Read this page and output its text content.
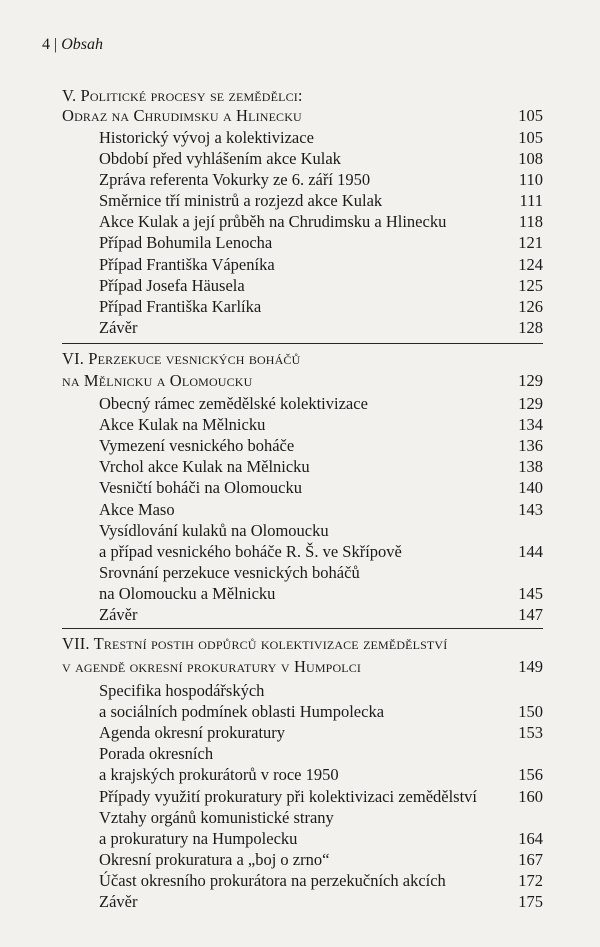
4 | Obsah
V. Politické procesy se zemědělci:
Odraz na Chrudimsku a Hlinecku	105
Historický vývoj a kolektivizace	105
Období před vyhlášením akce Kulak	108
Zpráva referenta Vokurky ze 6. září 1950	110
Směrnice tří ministrů a rozjezd akce Kulak	111
Akce Kulak a její průběh na Chrudimsku a Hlinecku	118
Případ Bohumila Lenocha	121
Případ Františka Vápeníka	124
Případ Josefa Häusela	125
Případ Františka Karlíka	126
Závěr	128
VI. Perzekuce vesnických boháčů
na Mělnicku a Olomoucku	129
Obecný rámec zemědělské kolektivizace	129
Akce Kulak na Mělnicku	134
Vymezení vesnického boháče	136
Vrchol akce Kulak na Mělnicku	138
Vesničtí boháči na Olomoucku	140
Akce Maso	143
Vysídlování kulaků na Olomoucku
a případ vesnického boháče R. Š. ve Skřípově	144
Srovnání perzekuce vesnických boháčů
na Olomoucku a Mělnicku	145
Závěr	147
VII. Trestní postih odpůrců kolektivizace zemědělství
v agendě okresní prokuratury v Humpolci	149
Specifika hospodářských
a sociálních podmínek oblasti Humpolecka	150
Agenda okresní prokuratury	153
Porada okresních
a krajských prokurátorů v roce 1950	156
Případy využití prokuratury při kolektivizaci zemědělství 160
Vztahy orgánů komunistické strany
a prokuratury na Humpolecku	164
Okresní prokuratura a „boj o zrno“	167
Účast okresního prokurátora na perzekučních akcích	172
Závěr	175
